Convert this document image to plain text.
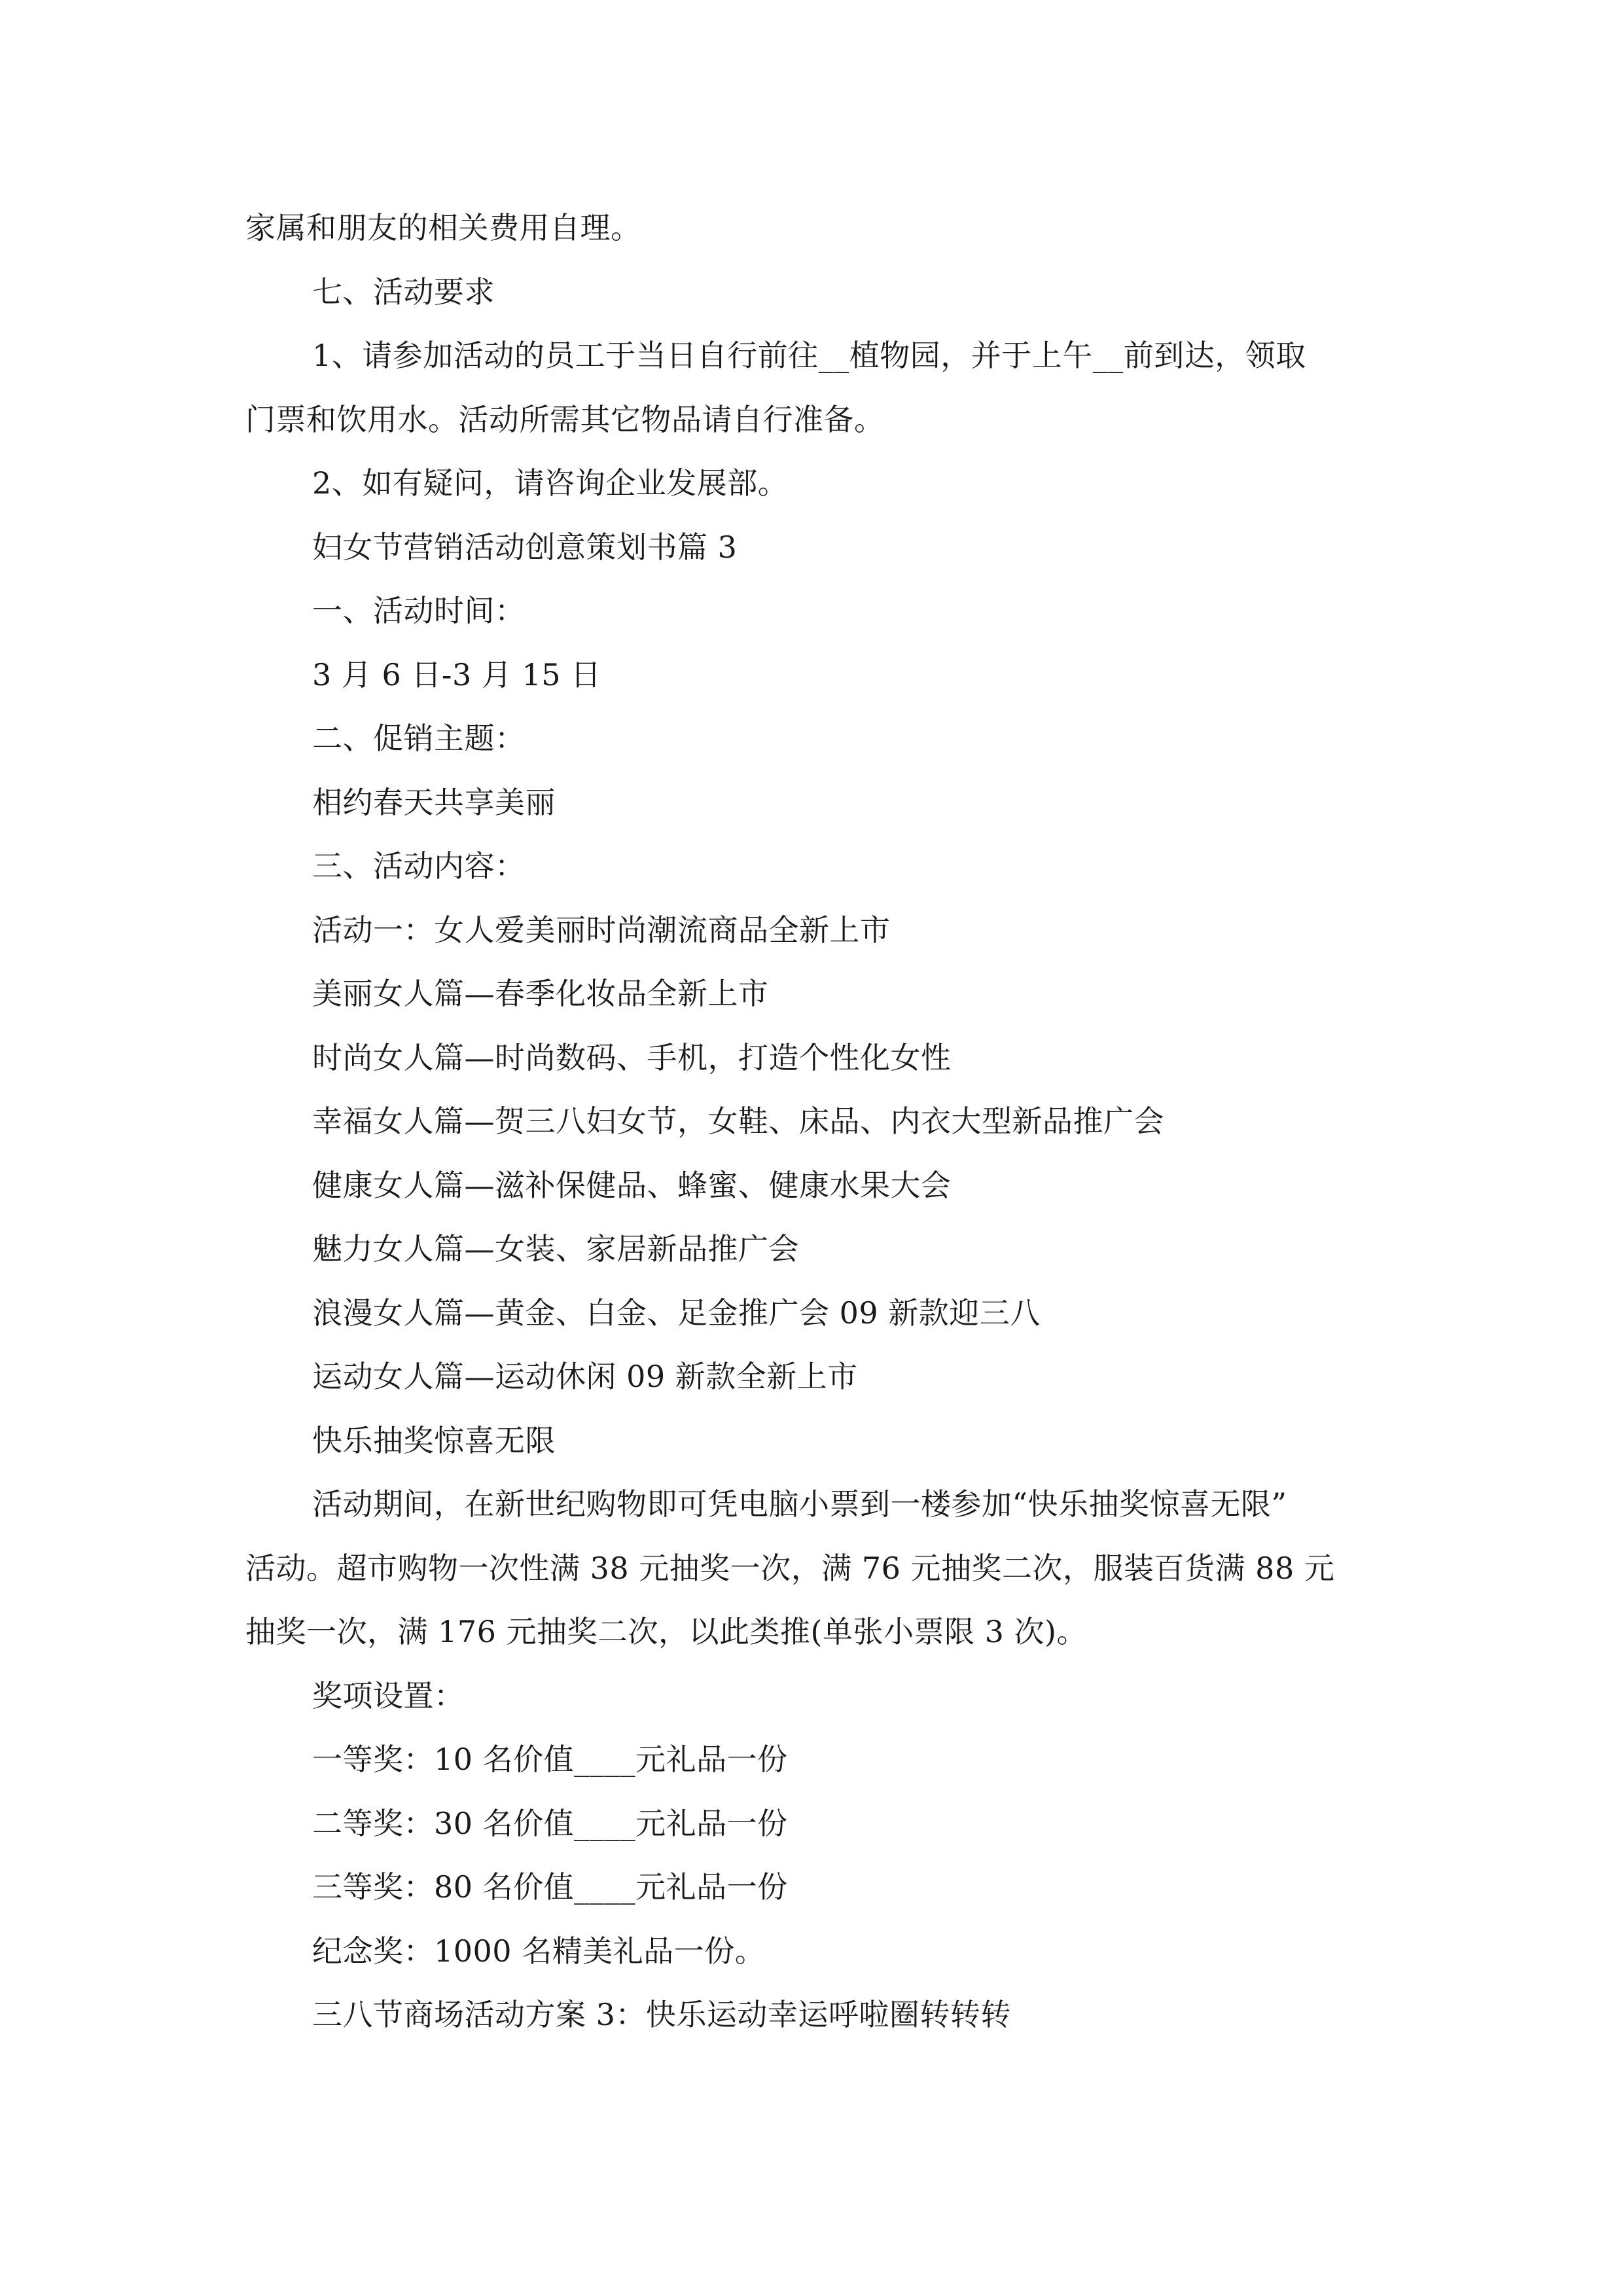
家属和朋友的相关费用自理。
七、活动要求
1、请参加活动的员工于当日自行前往__植物园，并于上午__前到达，领取
门票和饮用水。活动所需其它物品请自行准备。
2、如有疑问，请咨询企业发展部。
妇女节营销活动创意策划书篇 3
一、活动时间：
3 月 6 日-3 月 15 日
二、促销主题：
相约春天共享美丽
三、活动内容：
活动一：女人爱美丽时尚潮流商品全新上市
美丽女人篇—春季化妆品全新上市
时尚女人篇—时尚数码、手机，打造个性化女性
幸福女人篇—贺三八妇女节，女鞋、床品、内衣大型新品推广会
健康女人篇—滋补保健品、蜂蜜、健康水果大会
魅力女人篇—女装、家居新品推广会
浪漫女人篇—黄金、白金、足金推广会 09 新款迎三八
运动女人篇—运动休闲 09 新款全新上市
快乐抽奖惊喜无限
活动期间，在新世纪购物即可凭电脑小票到一楼参加“快乐抽奖惊喜无限”
活动。超市购物一次性满 38 元抽奖一次，满 76 元抽奖二次，服装百货满 88 元
抽奖一次，满 176 元抽奖二次，以此类推(单张小票限 3 次)。
奖项设置：
一等奖：10 名价值____元礼品一份
二等奖：30 名价值____元礼品一份
三等奖：80 名价值____元礼品一份
纪念奖：1000 名精美礼品一份。
三八节商场活动方案 3：快乐运动幸运呼啦圈转转转
